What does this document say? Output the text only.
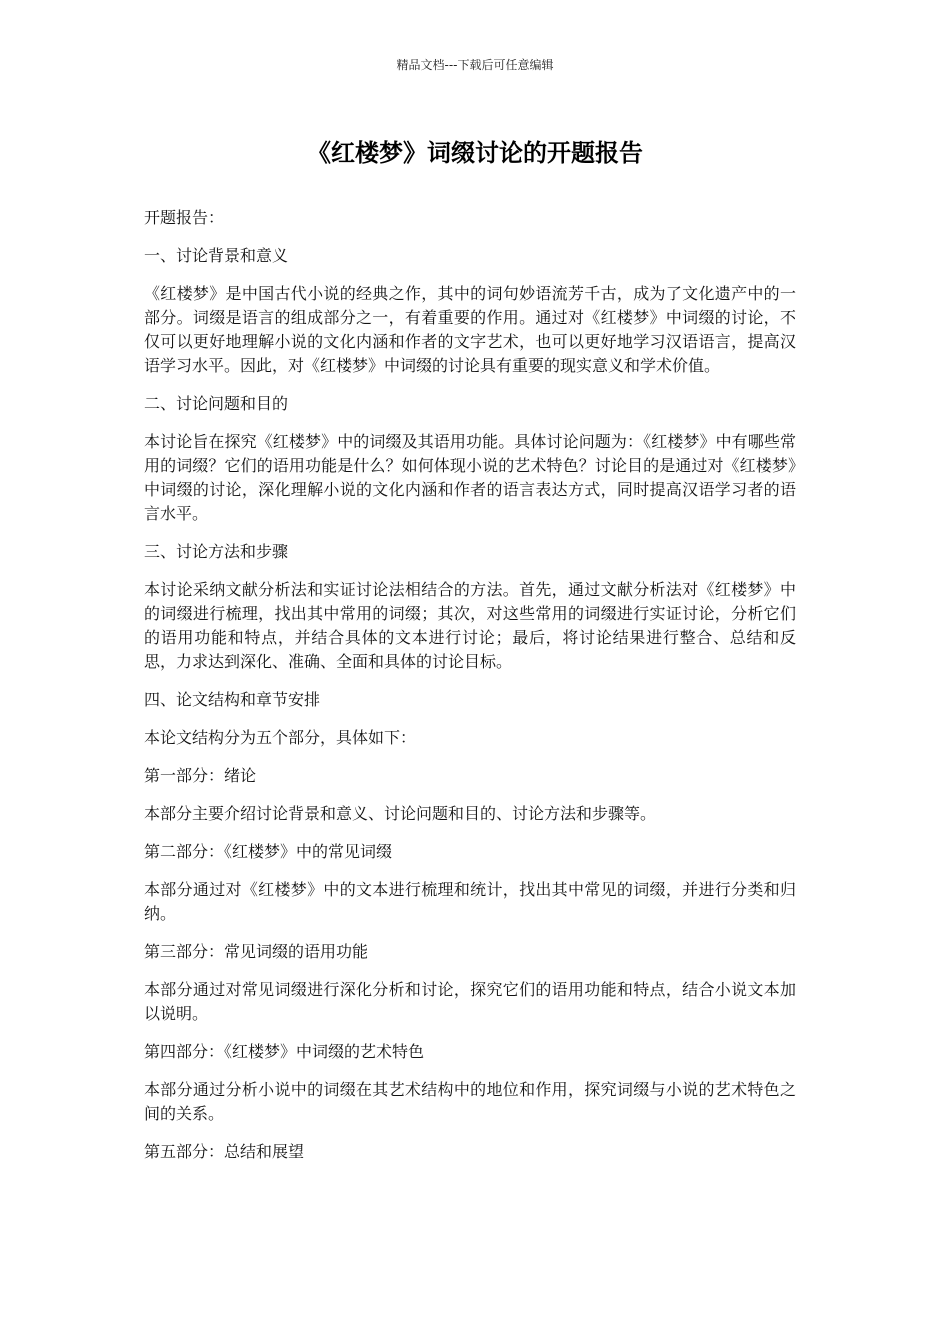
精品文档---下载后可任意编辑
《红楼梦》词缀讨论的开题报告

开题报告：

一、讨论背景和意义

《红楼梦》是中国古代小说的经典之作，其中的词句妙语流芳千古，成为了文化遗产中的一部分。词缀是语言的组成部分之一，有着重要的作用。通过对《红楼梦》中词缀的讨论，不仅可以更好地理解小说的文化内涵和作者的文字艺术，也可以更好地学习汉语语言，提高汉语学习水平。因此，对《红楼梦》中词缀的讨论具有重要的现实意义和学术价值。

二、讨论问题和目的

本讨论旨在探究《红楼梦》中的词缀及其语用功能。具体讨论问题为：《红楼梦》中有哪些常用的词缀？它们的语用功能是什么？如何体现小说的艺术特色？讨论目的是通过对《红楼梦》中词缀的讨论，深化理解小说的文化内涵和作者的语言表达方式，同时提高汉语学习者的语言水平。

三、讨论方法和步骤

本讨论采纳文献分析法和实证讨论法相结合的方法。首先，通过文献分析法对《红楼梦》中的词缀进行梳理，找出其中常用的词缀；其次，对这些常用的词缀进行实证讨论，分析它们的语用功能和特点，并结合具体的文本进行讨论；最后，将讨论结果进行整合、总结和反思，力求达到深化、准确、全面和具体的讨论目标。

四、论文结构和章节安排

本论文结构分为五个部分，具体如下：

第一部分：绪论

本部分主要介绍讨论背景和意义、讨论问题和目的、讨论方法和步骤等。

第二部分：《红楼梦》中的常见词缀

本部分通过对《红楼梦》中的文本进行梳理和统计，找出其中常见的词缀，并进行分类和归纳。

第三部分：常见词缀的语用功能

本部分通过对常见词缀进行深化分析和讨论，探究它们的语用功能和特点，结合小说文本加以说明。

第四部分：《红楼梦》中词缀的艺术特色

本部分通过分析小说中的词缀在其艺术结构中的地位和作用，探究词缀与小说的艺术特色之间的关系。

第五部分：总结和展望
